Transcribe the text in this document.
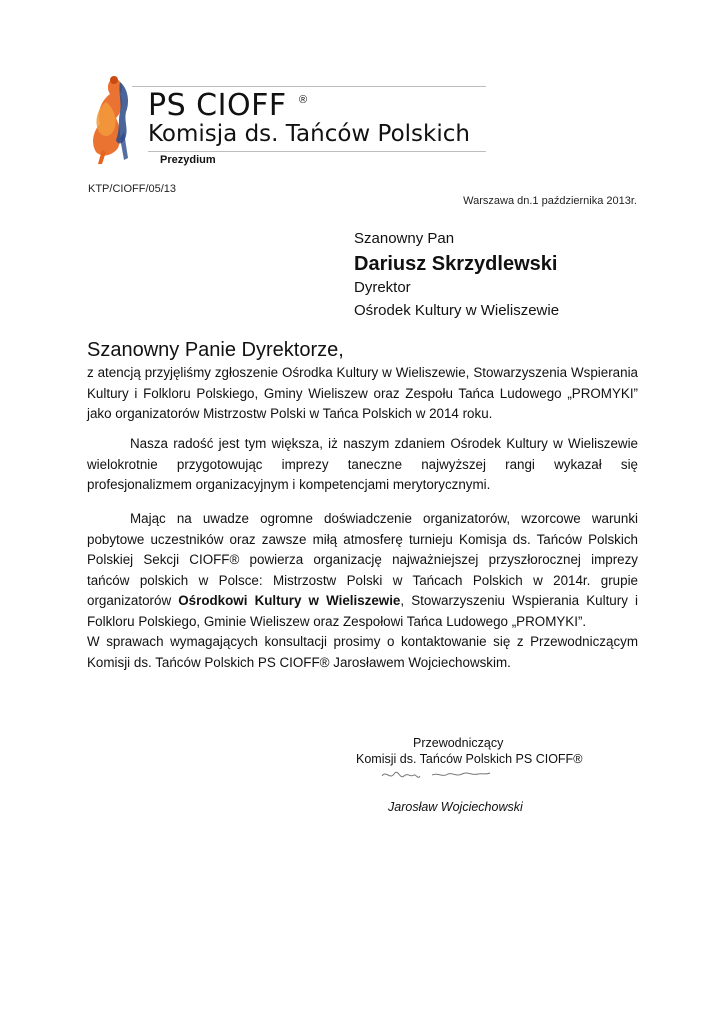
PS CIOFF ®
Komisja ds. Tańców Polskich
Prezydium
KTP/CIOFF/05/13
Warszawa dn.1 października 2013r.
Szanowny Pan
Dariusz Skrzydlewski
Dyrektor
Ośrodek Kultury w Wieliszewie
Szanowny Panie Dyrektorze,
z atencją przyjęliśmy zgłoszenie Ośrodka Kultury w Wieliszewie, Stowarzyszenia Wspierania Kultury i Folkloru Polskiego, Gminy Wieliszew oraz Zespołu Tańca Ludowego „PROMYKI” jako organizatorów Mistrzostw Polski w Tańca Polskich w 2014 roku.
Nasza radość jest tym większa, iż naszym zdaniem Ośrodek Kultury w Wieliszewie wielokrotnie przygotowując imprezy taneczne najwyższej rangi wykazał się profesjonalizmem organizacyjnym i kompetencjami merytorycznymi.
Mając na uwadze ogromne doświadczenie organizatorów, wzorcowe warunki pobytowe uczestników oraz zawsze miłą atmosferę turnieju Komisja ds. Tańców Polskich Polskiej Sekcji CIOFF® powierza organizację najważniejszej przyszłorocznej imprezy tańców polskich w Polsce: Mistrzostw Polski w Tańcach Polskich w 2014r. grupie organizatorów Ośrodkowi Kultury w Wieliszewie, Stowarzyszeniu Wspierania Kultury i Folkloru Polskiego, Gminie Wieliszew oraz Zespołowi Tańca Ludowego „PROMYKI”.
W sprawach wymagających konsultacji prosimy o kontaktowanie się z Przewodniczącym Komisji ds. Tańców Polskich PS CIOFF® Jarosławem Wojciechowskim.
Przewodniczący
Komisji ds. Tańców Polskich PS CIOFF®
Jarosław Wojciechowski
